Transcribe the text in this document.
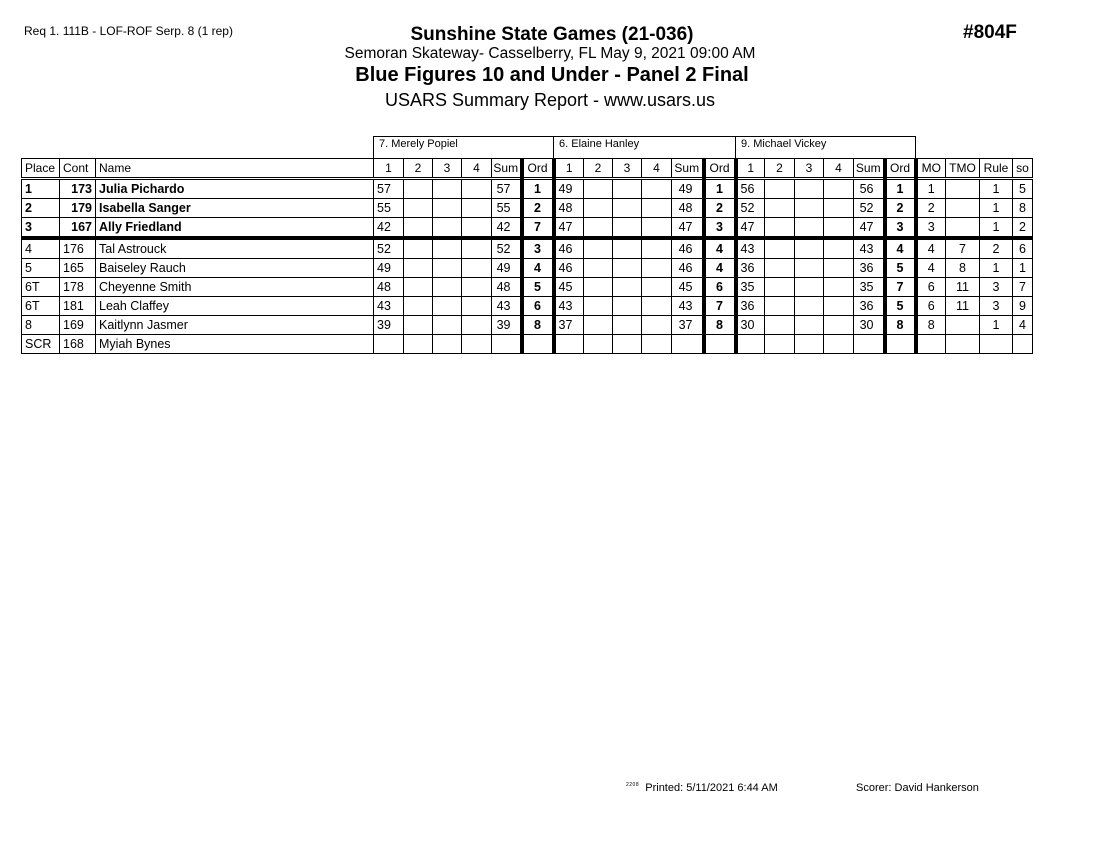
Req 1. 111B - LOF-ROF Serp. 8 (1 rep)	#804F
Sunshine State Games (21-036)
Semoran Skateway- Casselberry, FL May 9, 2021 09:00 AM
Blue Figures 10 and Under - Panel 2 Final
USARS Summary Report - www.usars.us
7. Merely Popiel	6. Elaine Hanley	9. Michael Vickey
Place	Cont	Name	1	2	3	4	Sum	Ord	1	2	3	4	Sum	Ord	1	2	3	4	Sum	Ord	MO	TMO	Rule	so
1	173	Julia Pichardo	57				57	1	49				49	1	56				56	1	1		1	5
2	179	Isabella Sanger	55				55	2	48				48	2	52				52	2	2		1	8
3	167	Ally Friedland	42				42	7	47				47	3	47				47	3	3		1	2
4	176	Tal Astrouck	52				52	3	46				46	4	43				43	4	4	7	2	6
5	165	Baiseley Rauch	49				49	4	46				46	4	36				36	5	4	8	1	1
6T	178	Cheyenne Smith	48				48	5	45				45	6	35				35	7	6	11	3	7
6T	181	Leah Claffey	43				43	6	43				43	7	36				36	5	6	11	3	9
8	169	Kaitlynn Jasmer	39				39	8	37				37	8	30				30	8	8		1	4
SCR	168	Myiah Bynes																						
$^{2208}$ Printed: 5/11/2021 6:44 AM	Scorer: David Hankerson
